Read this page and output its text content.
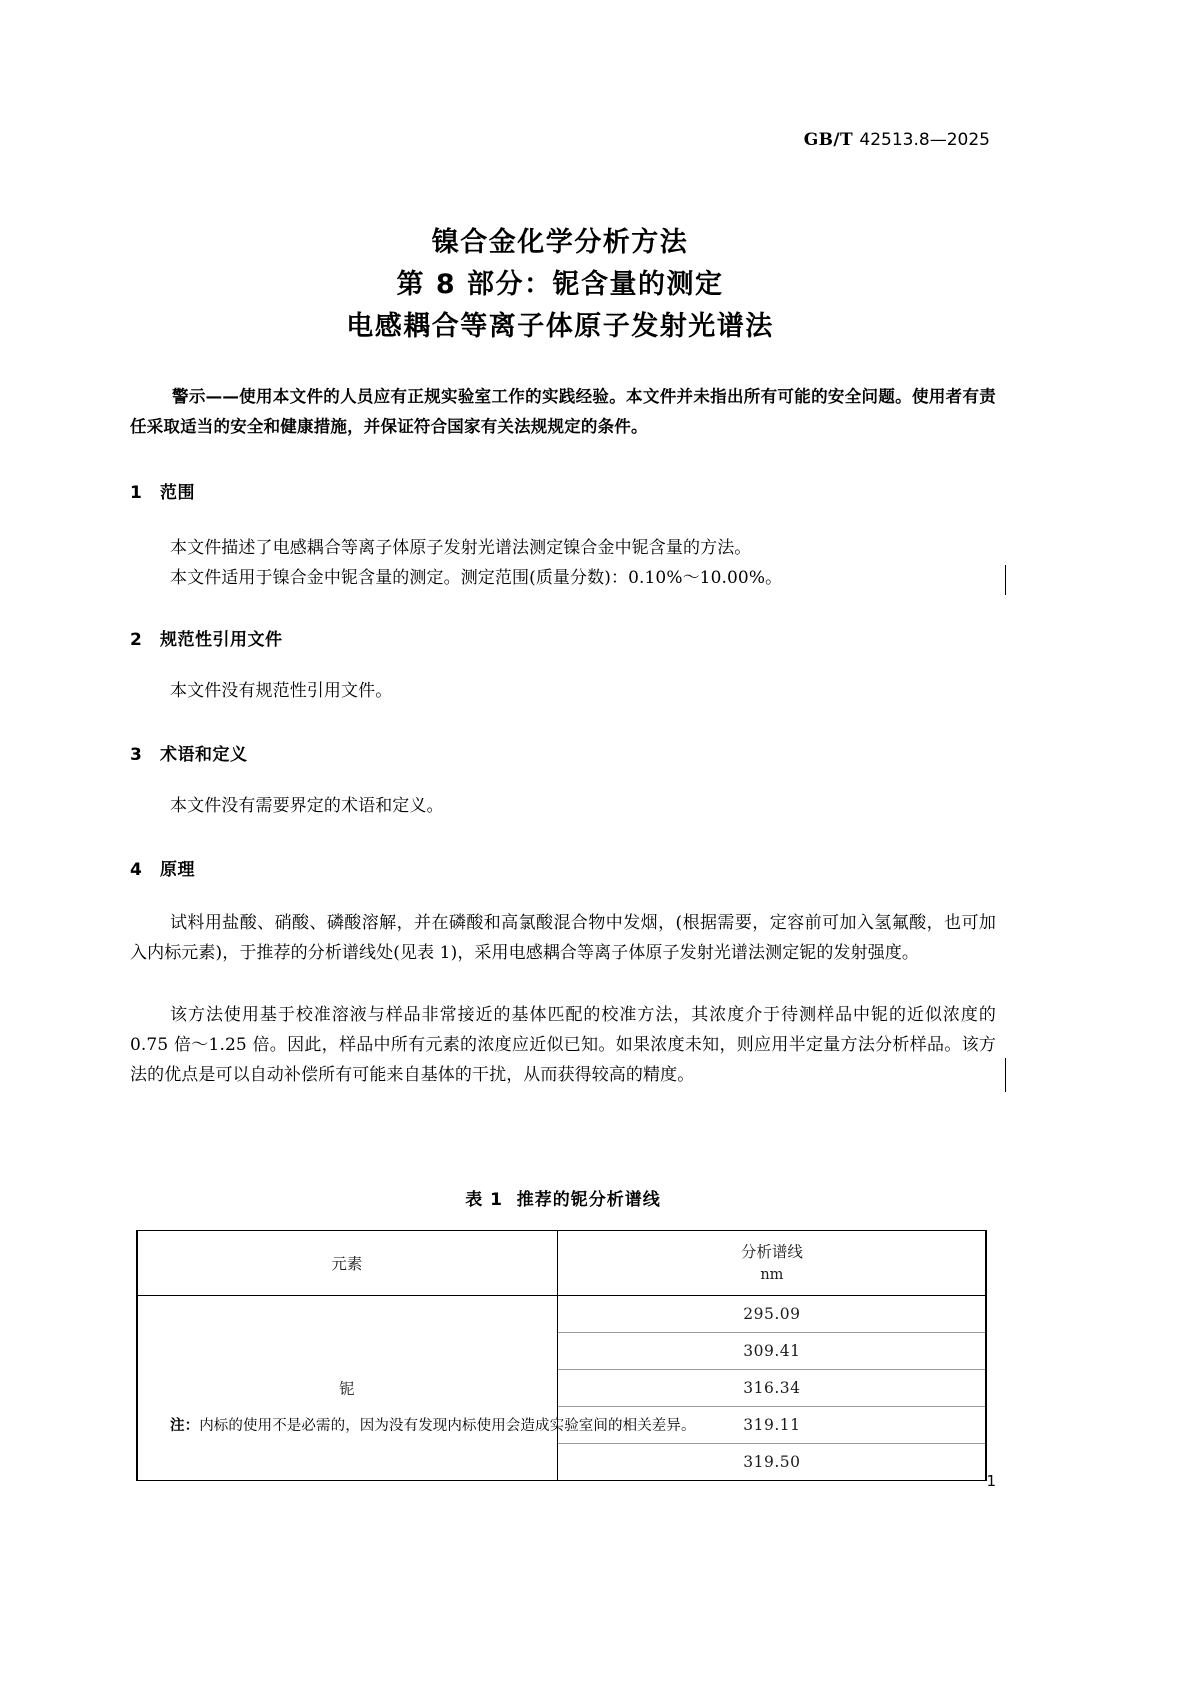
GB/T 42513.8—2025
镍合金化学分析方法
第 8 部分：铌含量的测定
电感耦合等离子体原子发射光谱法
警示——使用本文件的人员应有正规实验室工作的实践经验。本文件并未指出所有可能的安全问题。使用者有责任采取适当的安全和健康措施，并保证符合国家有关法规规定的条件。
1 范围
本文件描述了电感耦合等离子体原子发射光谱法测定镍合金中铌含量的方法。
本文件适用于镍合金中铌含量的测定。测定范围(质量分数)：0.10%～10.00%。
2 规范性引用文件
本文件没有规范性引用文件。
3 术语和定义
本文件没有需要界定的术语和定义。
4 原理
试料用盐酸、硝酸、磷酸溶解，并在磷酸和高氯酸混合物中发烟，(根据需要，定容前可加入氢氟酸，也可加入内标元素)，于推荐的分析谱线处(见表 1)，采用电感耦合等离子体原子发射光谱法测定铌的发射强度。
该方法使用基于校准溶液与样品非常接近的基体匹配的校准方法，其浓度介于待测样品中铌的近似浓度的 0.75 倍～1.25 倍。因此，样品中所有元素的浓度应近似已知。如果浓度未知，则应用半定量方法分析样品。该方法的优点是可以自动补偿所有可能来自基体的干扰，从而获得较高的精度。
表 1 推荐的铌分析谱线
元素	分析谱线
nm

铌	295.09
	309.41
	316.34
	319.11
	319.50
注：内标的使用不是必需的，因为没有发现内标使用会造成实验室间的相关差异。
1
